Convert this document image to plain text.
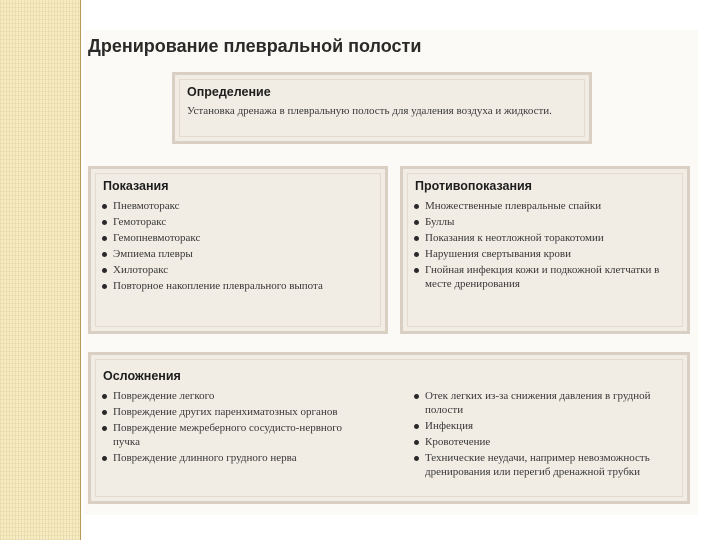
Дренирование плевральной полости
Определение

Установка дренажа в плевральную полость для удаления воздуха и жидкости.

Показания
Пневмоторакс
Гемоторакс
Гемопневмоторакс
Эмпиема плевры
Хилоторакс
Повторное накопление плеврального выпота
Противопоказания
Множественные плевральные спайки
Буллы
Показания к неотложной торакотомии
Нарушения свертывания крови
Гнойная инфекция кожи и подкожной клетчатки в месте дренирования
Осложнения
Повреждение легкого
Повреждение других паренхиматозных органов
Повреждение межреберного сосудисто-нервного пучка
Повреждение длинного грудного нерва
Отек легких из-за снижения давления в грудной полости
Инфекция
Кровотечение
Технические неудачи, например невозможность дренирования или перегиб дренажной трубки
